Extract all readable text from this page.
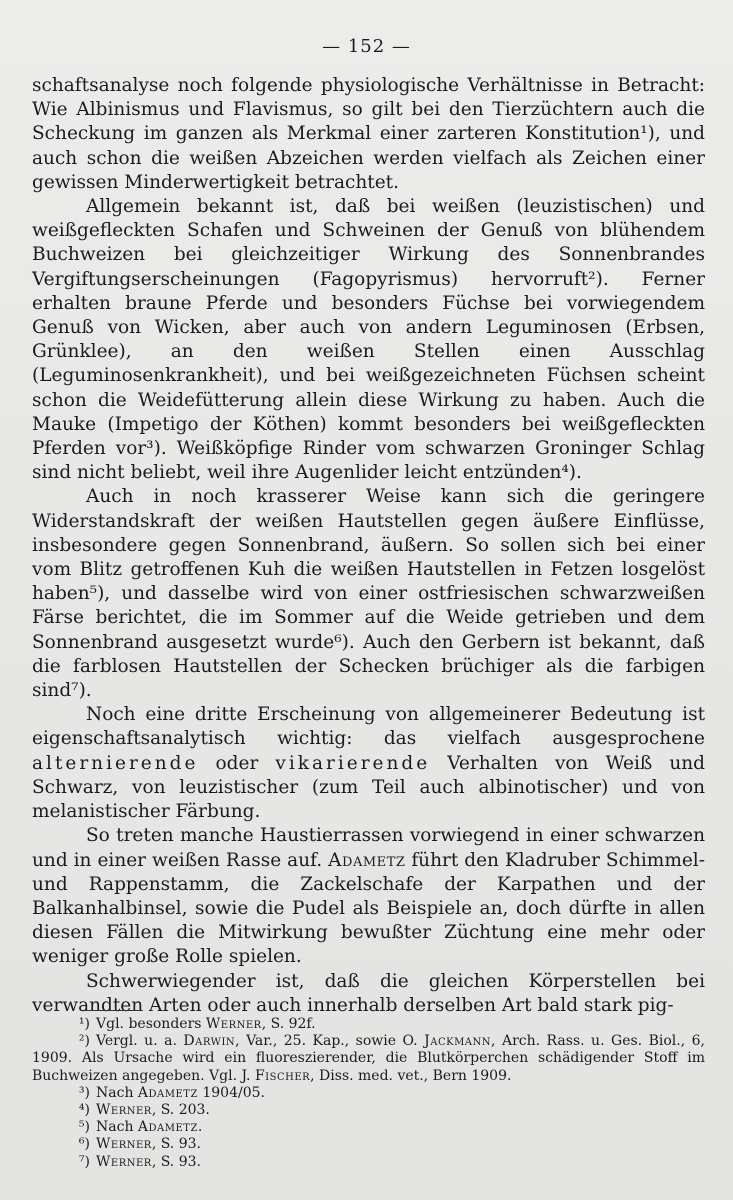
— 152 —

schaftsanalyse noch folgende physiologische Verhältnisse in Betracht: Wie Albinismus und Flavismus, so gilt bei den Tierzüchtern auch die Scheckung im ganzen als Merkmal einer zarteren Konstitution¹), und auch schon die weißen Abzeichen werden vielfach als Zeichen einer gewissen Minderwertigkeit betrachtet.

Allgemein bekannt ist, daß bei weißen (leuzistischen) und weißgefleckten Schafen und Schweinen der Genuß von blühendem Buchweizen bei gleichzeitiger Wirkung des Sonnenbrandes Vergiftungserscheinungen (Fagopyrismus) hervorruft²). Ferner erhalten braune Pferde und besonders Füchse bei vorwiegendem Genuß von Wicken, aber auch von andern Leguminosen (Erbsen, Grünklee), an den weißen Stellen einen Ausschlag (Leguminosenkrankheit), und bei weißgezeichneten Füchsen scheint schon die Weidefütterung allein diese Wirkung zu haben. Auch die Mauke (Impetigo der Köthen) kommt besonders bei weißgefleckten Pferden vor³). Weißköpfige Rinder vom schwarzen Groninger Schlag sind nicht beliebt, weil ihre Augenlider leicht entzünden⁴).

Auch in noch krasserer Weise kann sich die geringere Widerstandskraft der weißen Hautstellen gegen äußere Einflüsse, insbesondere gegen Sonnenbrand, äußern. So sollen sich bei einer vom Blitz getroffenen Kuh die weißen Hautstellen in Fetzen losgelöst haben⁵), und dasselbe wird von einer ostfriesischen schwarzweißen Färse berichtet, die im Sommer auf die Weide getrieben und dem Sonnenbrand ausgesetzt wurde⁶). Auch den Gerbern ist bekannt, daß die farblosen Hautstellen der Schecken brüchiger als die farbigen sind⁷).

Noch eine dritte Erscheinung von allgemeinerer Bedeutung ist eigenschaftsanalytisch wichtig: das vielfach ausgesprochene alternierende oder vikarierende Verhalten von Weiß und Schwarz, von leuzistischer (zum Teil auch albinotischer) und von melanistischer Färbung.

So treten manche Haustierrassen vorwiegend in einer schwarzen und in einer weißen Rasse auf. Adametz führt den Kladruber Schimmel- und Rappenstamm, die Zackelschafe der Karpathen und der Balkanhalbinsel, sowie die Pudel als Beispiele an, doch dürfte in allen diesen Fällen die Mitwirkung bewußter Züchtung eine mehr oder weniger große Rolle spielen.

Schwerwiegender ist, daß die gleichen Körperstellen bei verwandten Arten oder auch innerhalb derselben Art bald stark pig-

¹) Vgl. besonders Werner, S. 92f.
²) Vergl. u. a. Darwin, Var., 25. Kap., sowie O. Jackmann, Arch. Rass. u. Ges. Biol., 6, 1909. Als Ursache wird ein fluoreszierender, die Blutkörperchen schädigender Stoff im Buchweizen angegeben. Vgl. J. Fischer, Diss. med. vet., Bern 1909.
³) Nach Adametz 1904/05.
⁴) Werner, S. 203.
⁵) Nach Adametz.
⁶) Werner, S. 93.
⁷) Werner, S. 93.
